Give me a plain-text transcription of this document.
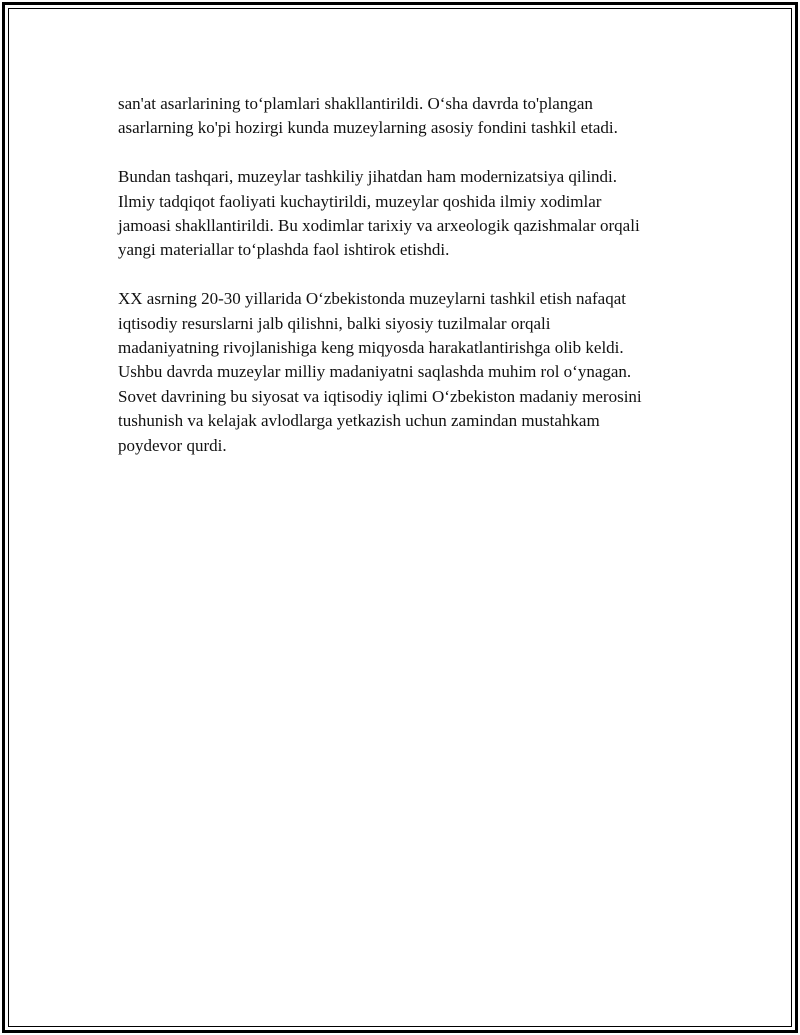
san'at asarlarining to‘plamlari shakllantirildi. O‘sha davrda to'plangan
asarlarning ko'pi hozirgi kunda muzeylarning asosiy fondini tashkil etadi.

Bundan tashqari, muzeylar tashkiliy jihatdan ham modernizatsiya qilindi.
Ilmiy tadqiqot faoliyati kuchaytirildi, muzeylar qoshida ilmiy xodimlar
jamoasi shakllantirildi. Bu xodimlar tarixiy va arxeologik qazishmalar orqali
yangi materiallar to‘plashda faol ishtirok etishdi.

XX asrning 20-30 yillarida O‘zbekistonda muzeylarni tashkil etish nafaqat
iqtisodiy resurslarni jalb qilishni, balki siyosiy tuzilmalar orqali
madaniyatning rivojlanishiga keng miqyosda harakatlantirishga olib keldi.
Ushbu davrda muzeylar milliy madaniyatni saqlashda muhim rol o‘ynagan.
Sovet davrining bu siyosat va iqtisodiy iqlimi O‘zbekiston madaniy merosini
tushunish va kelajak avlodlarga yetkazish uchun zamindan mustahkam
poydevor qurdi.
